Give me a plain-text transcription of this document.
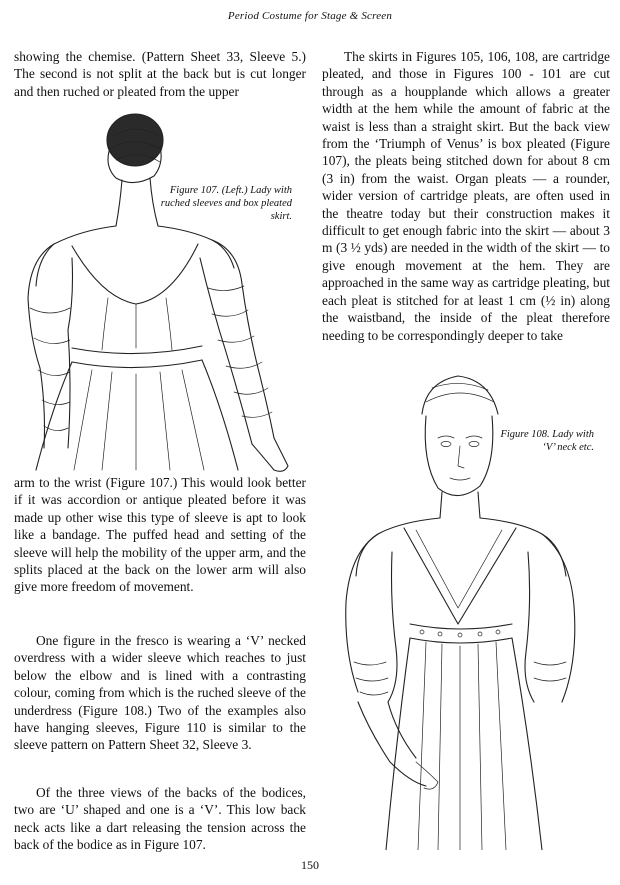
Period Costume for Stage & Screen

showing the chemise. (Pattern Sheet 33, Sleeve 5.) The second is not split at the back but is cut longer and then ruched or pleated from the upper

Figure 107. (Left.) Lady with ruched sleeves and box pleated skirt.

arm to the wrist (Figure 107.) This would look better if it was accordion or antique pleated before it was made up other wise this type of sleeve is apt to look like a bandage. The puffed head and setting of the sleeve will help the mobility of the upper arm, and the splits placed at the back on the lower arm will also give more freedom of movement.

One figure in the fresco is wearing a ‘V’ necked overdress with a wider sleeve which reaches to just below the elbow and is lined with a contrasting colour, coming from which is the ruched sleeve of the underdress (Figure 108.) Two of the examples also have hanging sleeves, Figure 110 is similar to the sleeve pattern on Pattern Sheet 32, Sleeve 3.

Of the three views of the backs of the bodices, two are ‘U’ shaped and one is a ‘V’. This low back neck acts like a dart releasing the tension across the back of the bodice as in Figure 107.

The skirts in Figures 105, 106, 108, are cartridge pleated, and those in Figures 100 - 101 are cut through as a houpplande which allows a greater width at the hem while the amount of fabric at the waist is less than a straight skirt. But the back view from the ‘Triumph of Venus’ is box pleated (Figure 107), the pleats being stitched down for about 8 cm (3 in) from the waist. Organ pleats — a rounder, wider version of cartridge pleats, are often used in the theatre today but their construction makes it difficult to get enough fabric into the skirt — about 3 m (3 ½ yds) are needed in the width of the skirt — to give enough movement at the hem. They are approached in the same way as cartridge pleating, but each pleat is stitched for at least 1 cm (½ in) along the waistband, the inside of the pleat therefore needing to be correspondingly deeper to take

Figure 108. Lady with ‘V’ neck etc.

150
